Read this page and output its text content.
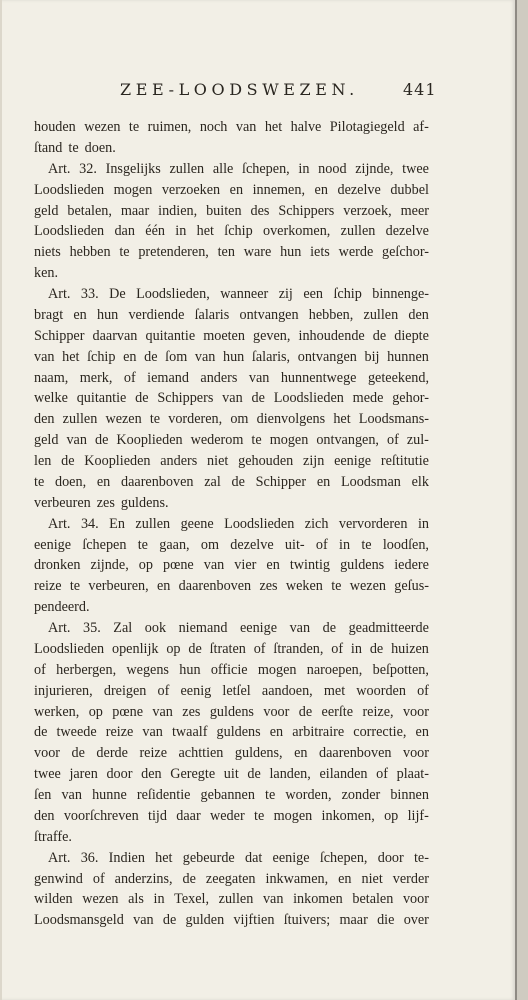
ZEE-LOODSWEZEN.	441
houden wezen te ruimen, noch van het halve Pilotagiegeld af-
ſtand te doen.
Art. 32. Insgelijks zullen alle ſchepen, in nood zijnde, twee
Loodslieden mogen verzoeken en innemen, en dezelve dubbel
geld betalen, maar indien, buiten des Schippers verzoek, meer
Loodslieden dan één in het ſchip overkomen, zullen dezelve
niets hebben te pretenderen, ten ware hun iets werde geſchor-
ken.
Art. 33. De Loodslieden, wanneer zij een ſchip binnenge-
bragt en hun verdiende ſalaris ontvangen hebben, zullen den
Schipper daarvan quitantie moeten geven, inhoudende de diepte
van het ſchip en de ſom van hun ſalaris, ontvangen bij hunnen
naam, merk, of iemand anders van hunnentwege geteekend,
welke quitantie de Schippers van de Loodslieden mede gehor-
den zullen wezen te vorderen, om dienvolgens het Loodsmans-
geld van de Kooplieden wederom te mogen ontvangen, of zul-
len de Kooplieden anders niet gehouden zijn eenige reſtitutie
te doen, en daarenboven zal de Schipper en Loodsman elk
verbeuren zes guldens.
Art. 34. En zullen geene Loodslieden zich vervorderen in
eenige ſchepen te gaan, om dezelve uit- of in te loodſen,
dronken zijnde, op pœne van vier en twintig guldens iedere
reize te verbeuren, en daarenboven zes weken te wezen geſus-
pendeerd.
Art. 35. Zal ook niemand eenige van de geadmitteerde
Loodslieden openlijk op de ſtraten of ſtranden, of in de huizen
of herbergen, wegens hun officie mogen naroepen, beſpotten,
injurieren, dreigen of eenig letſel aandoen, met woorden of
werken, op pœne van zes guldens voor de eerſte reize, voor
de tweede reize van twaalf guldens en arbitraire correctie, en
voor de derde reize achttien guldens, en daarenboven voor
twee jaren door den Geregte uit de landen, eilanden of plaat-
ſen van hunne reſidentie gebannen te worden, zonder binnen
den voorſchreven tijd daar weder te mogen inkomen, op lijf-
ſtraffe.
Art. 36. Indien het gebeurde dat eenige ſchepen, door te-
genwind of anderzins, de zeegaten inkwamen, en niet verder
wilden wezen als in Texel, zullen van inkomen betalen voor
Loodsmansgeld van de gulden vijftien ſtuivers; maar die over
